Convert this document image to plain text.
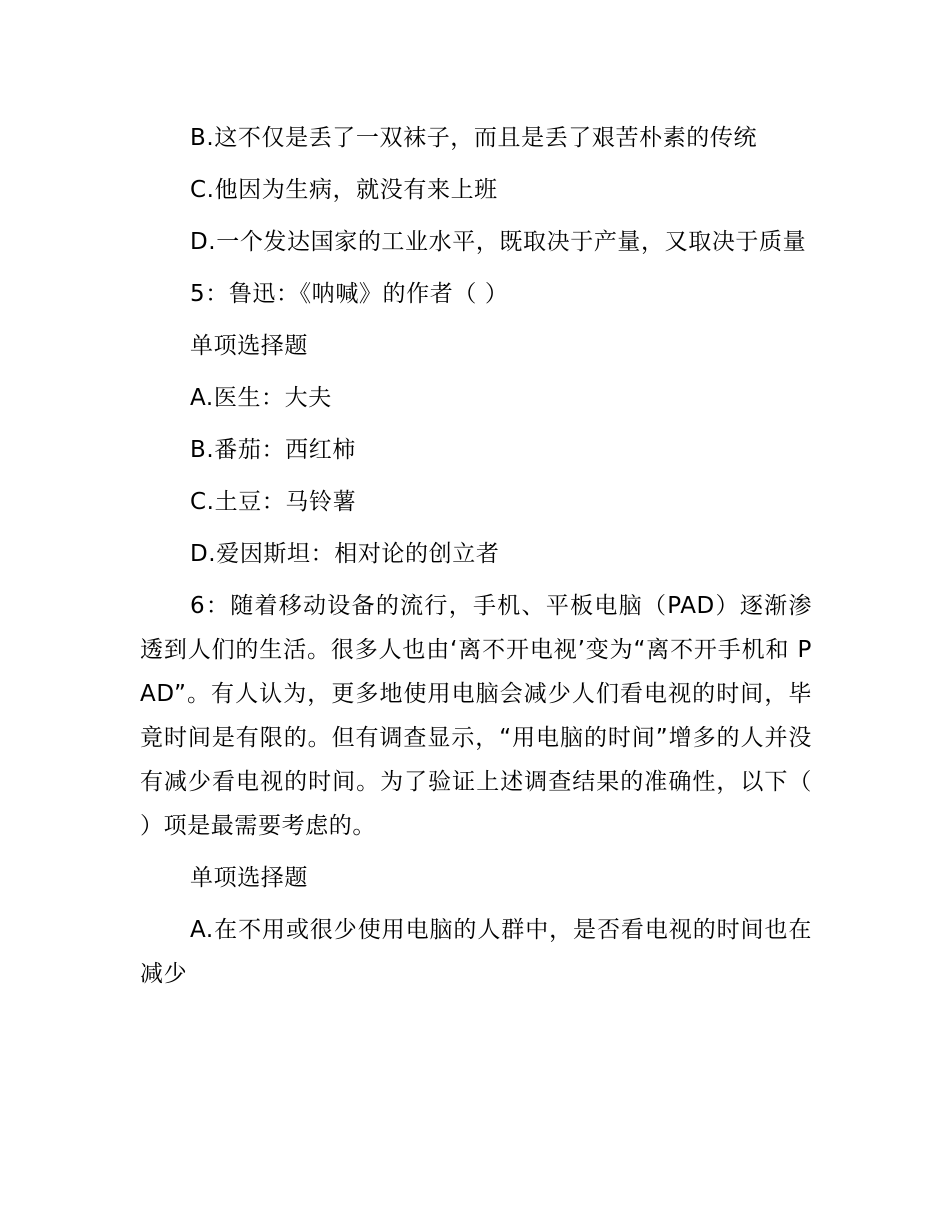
B.这不仅是丢了一双袜子，而且是丢了艰苦朴素的传统

C.他因为生病，就没有来上班

D.一个发达国家的工业水平，既取决于产量，又取决于质量

5：鲁迅：《呐喊》的作者（ ）

单项选择题

A.医生：大夫

B.番茄：西红柿

C.土豆：马铃薯

D.爱因斯坦：相对论的创立者

6：随着移动设备的流行，手机、平板电脑（PAD）逐渐渗透到人们的生活。很多人也由‘离不开电视’变为“离不开手机和 PAD”。有人认为，更多地使用电脑会减少人们看电视的时间，毕竟时间是有限的。但有调查显示，“用电脑的时间”增多的人并没有减少看电视的时间。为了验证上述调查结果的准确性，以下（ ）项是最需要考虑的。

单项选择题

A.在不用或很少使用电脑的人群中，是否看电视的时间也在减少
